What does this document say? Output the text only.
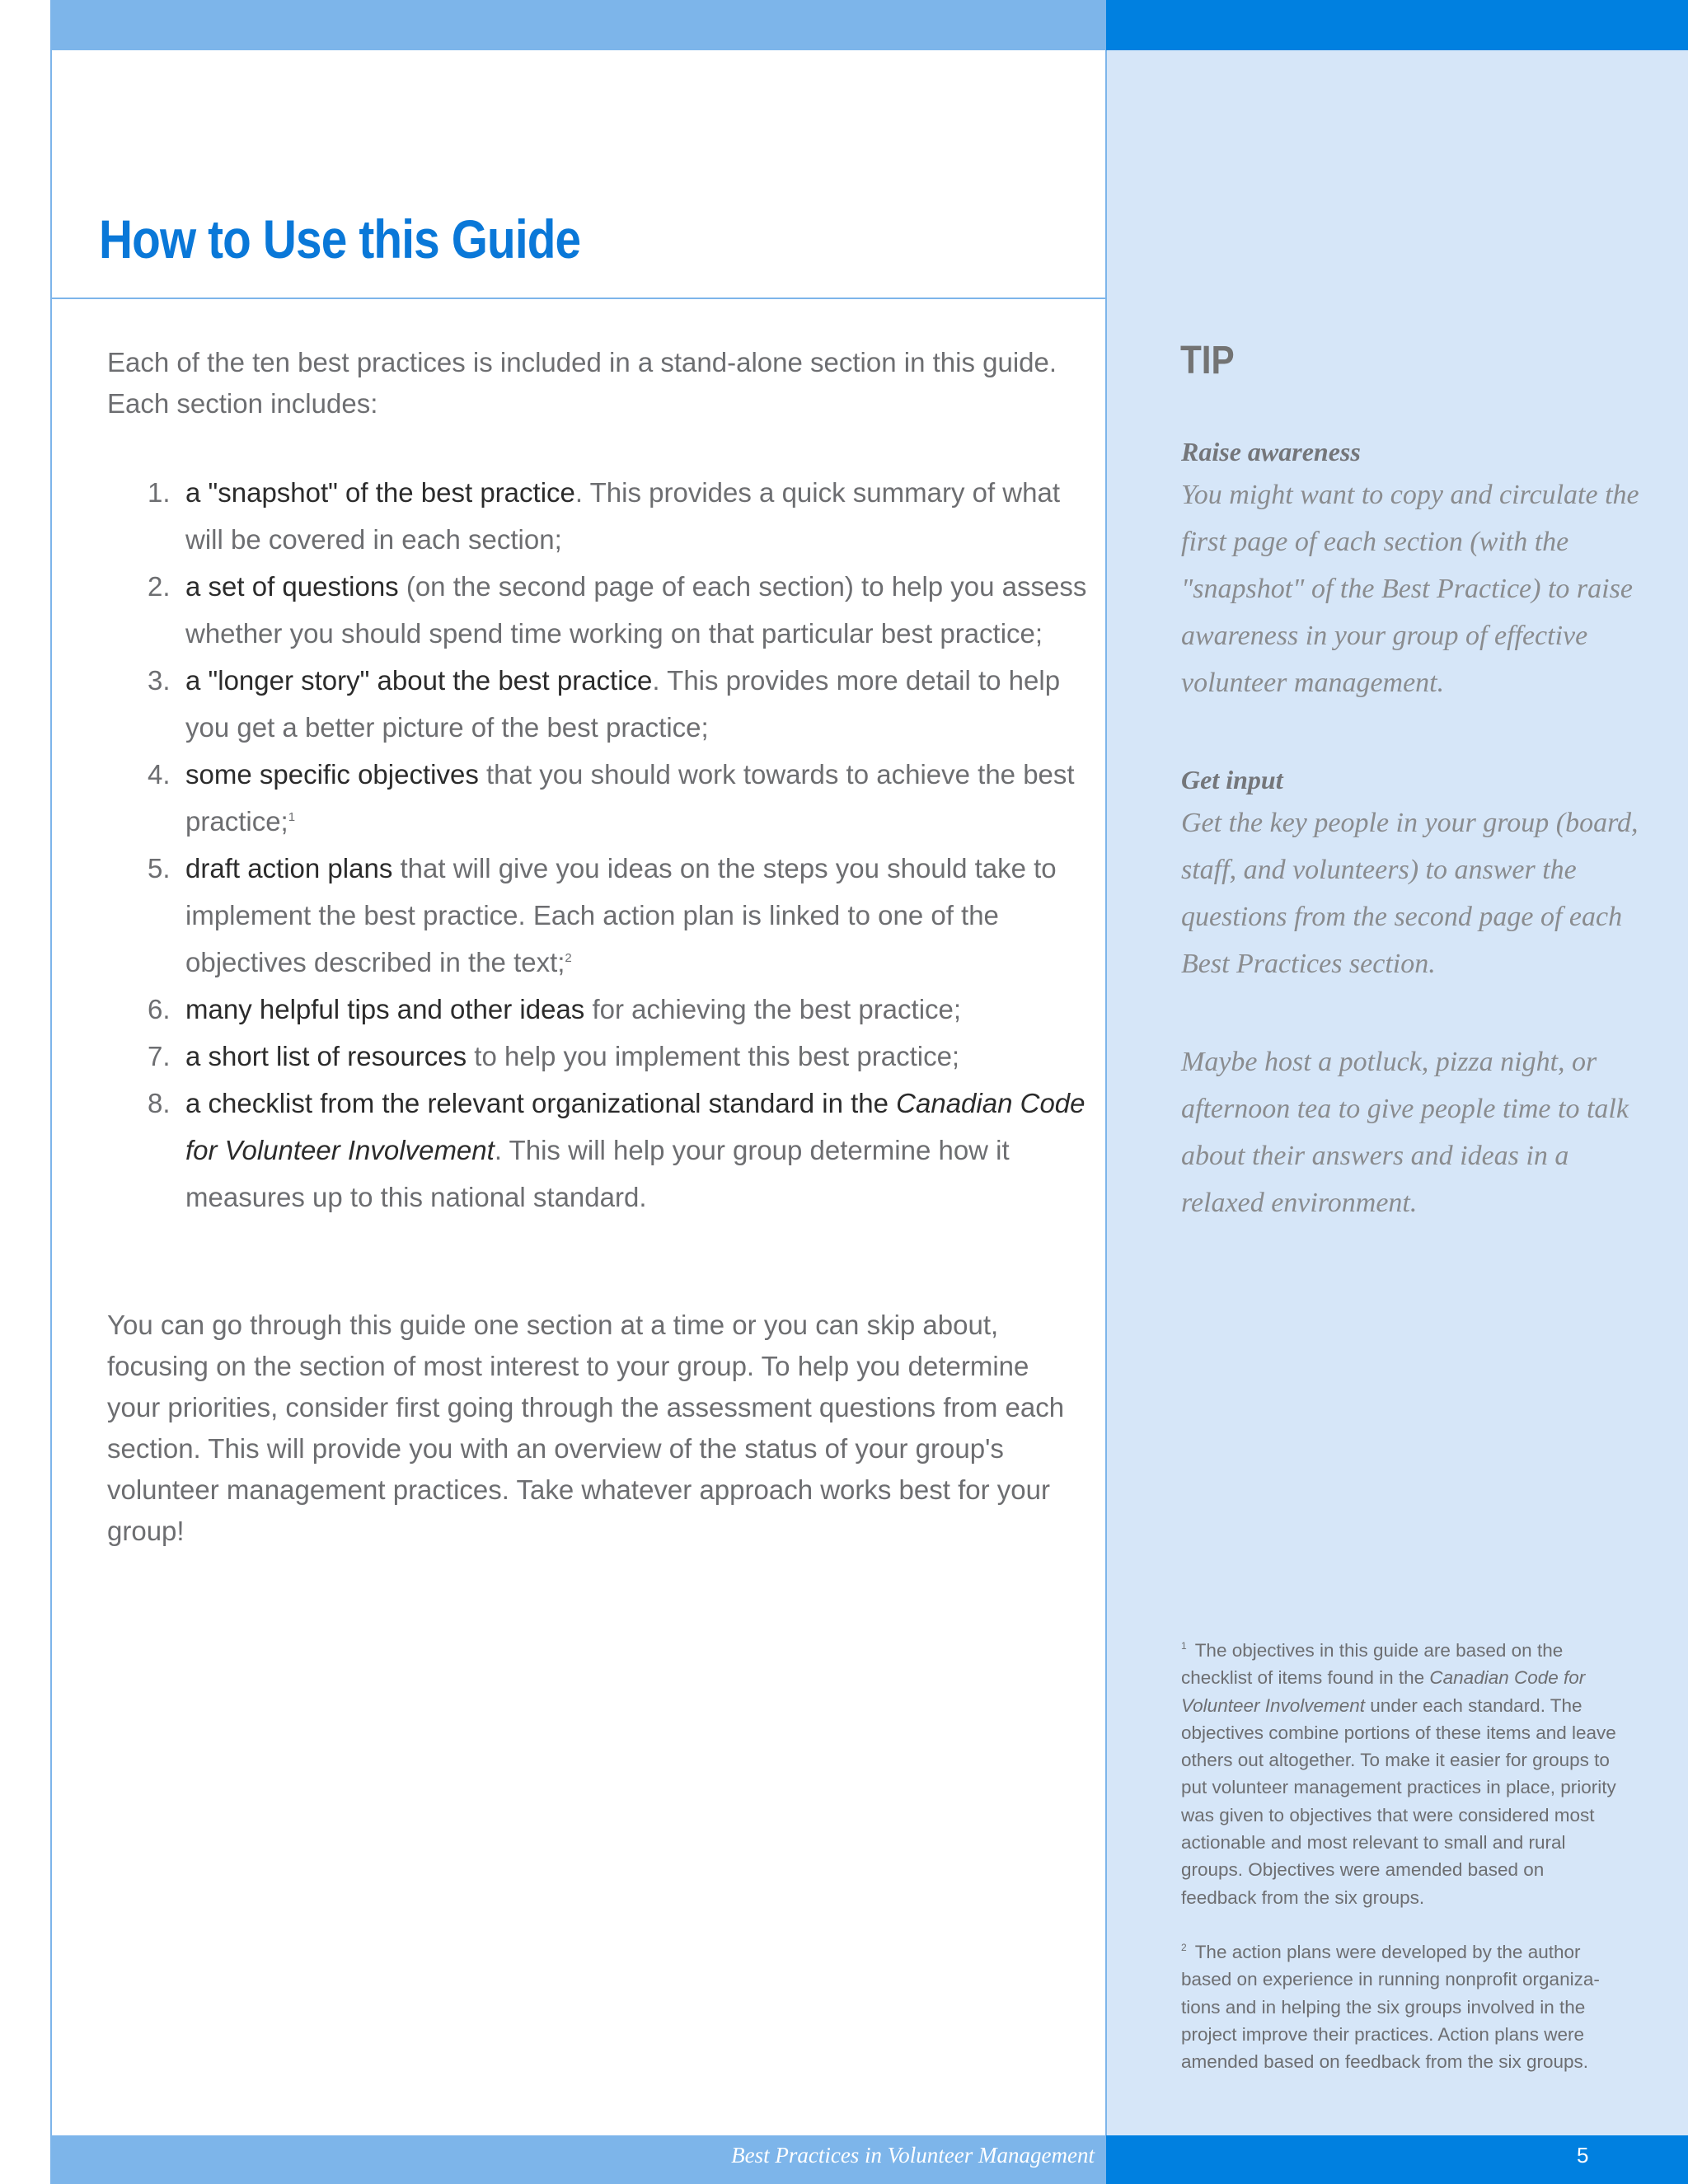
How to Use this Guide

Each of the ten best practices is included in a stand-alone section in this guide. Each section includes:

1. a "snapshot" of the best practice. This provides a quick summary of what will be covered in each section;
2. a set of questions (on the second page of each section) to help you assess whether you should spend time working on that particular best practice;
3. a "longer story" about the best practice. This provides more detail to help you get a better picture of the best practice;
4. some specific objectives that you should work towards to achieve the best practice;$^1$
5. draft action plans that will give you ideas on the steps you should take to implement the best practice. Each action plan is linked to one of the objectives described in the text;$^2$
6. many helpful tips and other ideas for achieving the best practice;
7. a short list of resources to help you implement this best practice;
8. a checklist from the relevant organizational standard in the Canadian Code for Volunteer Involvement. This will help your group determine how it measures up to this national standard.

You can go through this guide one section at a time or you can skip about, focusing on the section of most interest to your group. To help you determine your priorities, consider first going through the assessment questions from each section. This will provide you with an overview of the status of your group's volunteer management practices. Take whatever approach works best for your group!

TIP
Raise awareness
You might want to copy and circulate the first page of each section (with the "snapshot" of the Best Practice) to raise awareness in your group of effective volunteer management.
Get input
Get the key people in your group (board, staff, and volunteers) to answer the questions from the second page of each Best Practices section.
Maybe host a potluck, pizza night, or afternoon tea to give people time to talk about their answers and ideas in a relaxed environment.

$^1$ The objectives in this guide are based on the checklist of items found in the Canadian Code for Volunteer Involvement under each standard. The objectives combine portions of these items and leave others out altogether. To make it easier for groups to put volunteer management practices in place, priority was given to objectives that were considered most actionable and most relevant to small and rural groups. Objectives were amended based on feedback from the six groups.

$^2$ The action plans were developed by the author based on experience in running nonprofit organiza-tions and in helping the six groups involved in the project improve their practices. Action plans were amended based on feedback from the six groups.

Best Practices in Volunteer Management	5
